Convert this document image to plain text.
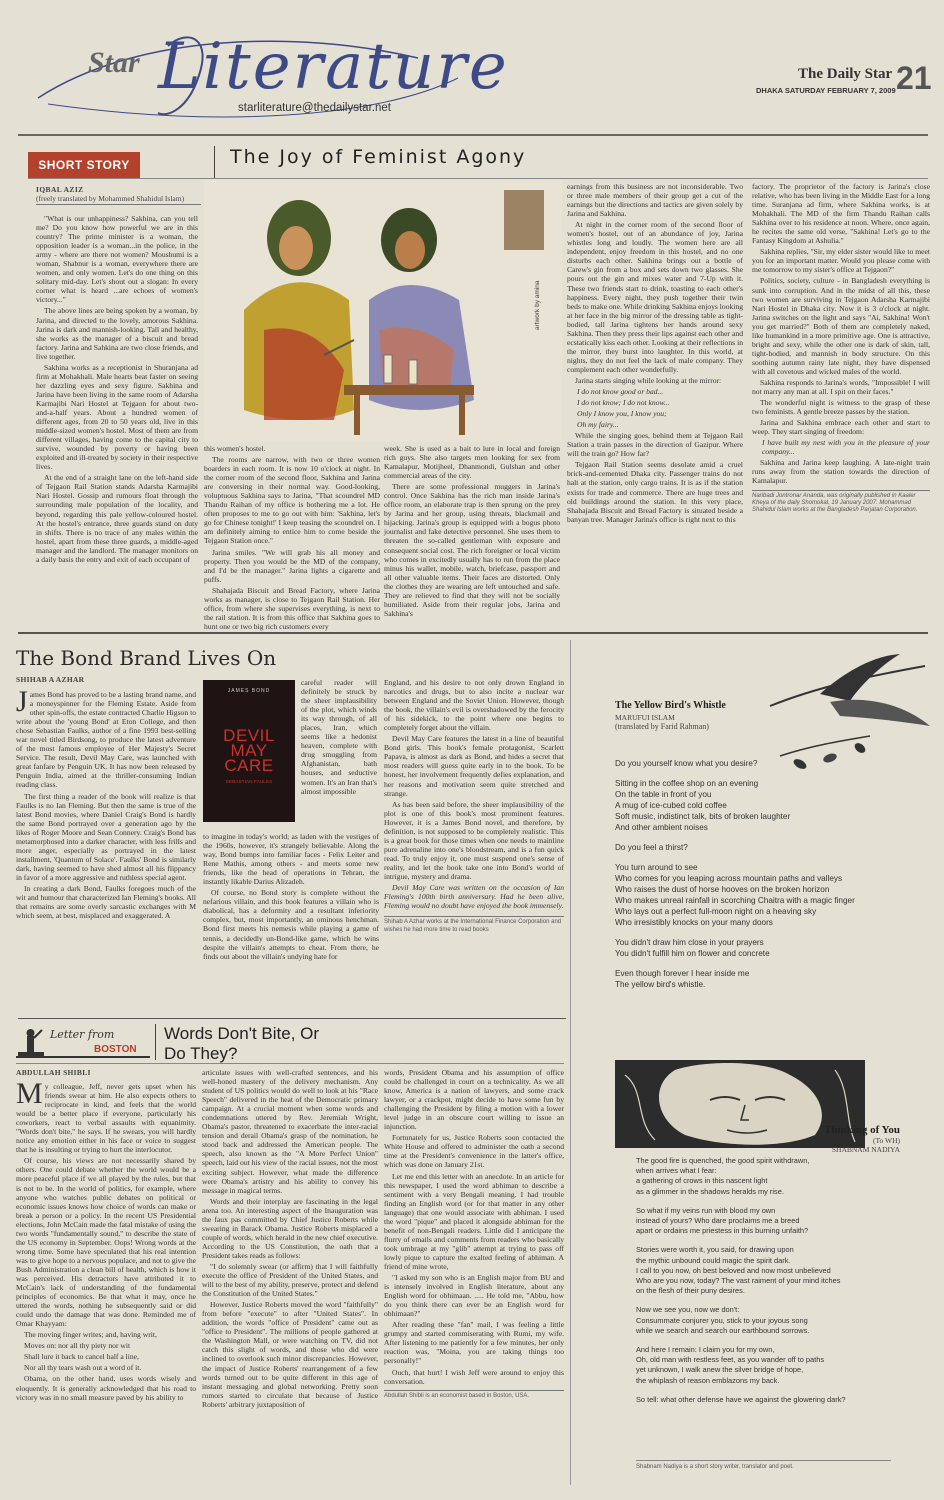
Star Literature
starliterature@thedailystar.net
The Daily Star
DHAKA SATURDAY FEBRUARY 7, 2009 21
SHORT STORY	The Joy of Feminist Agony
IQBAL AZIZ
(freely translated by Mohammed Shahidul Islam)
artwork by amina

"What is our unhappiness? Sakhina, can you tell me? Do you know how powerful we are in this country? The prime minister is a woman, the opposition leader is a woman...in the police, in the army - where are there not women? Moushumi is a woman, Shabnur is a woman, everywhere there are women, and only women. Let's do one thing on this solitary mid-day. Let's shout out a slogan: In every corner what is heard ...are echoes of women's victory..."

The above lines are being spoken by a woman, by Jarina, and directed to the lovely, amorous Sakhina. Jarina is dark and mannish-looking. Tall and healthy, she works as the manager of a biscuit and bread factory. Jarina and Sahkina are two close friends, and live together.

Sakhina works as a receptionist in Shuranjana ad firm at Mohakhali. Male hearts beat faster on seeing her dazzling eyes and sexy figure. Sakhina and Jarina have been living in the same room of Adarsha Karmajibi Nari Hostel at Tejgaon for about two- and-a-half years. About a hundred women of different ages, from 20 to 50 years old, live in this middle-sized women's hostel. Most of them are from different villages, having come to the capital city to survive, wounded by poverty or having been exploited and ill-treated by society in their respective lives.

At the end of a straight lane on the left-hand side of Tejgaon Rail Station stands Adarsha Karmajibi Nari Hostel. Gossip and rumours float through the surrounding male population of the locality, and beyond, regarding this pale yellow-coloured hostel. At the hostel's entrance, three guards stand on duty in shifts. There is no trace of any males within the hostel, apart from these three guards, a middle-aged manager and the landlord. The manager monitors on a daily basis the entry and exit of each occupant of

this women's hostel.

The rooms are narrow, with two or three women boarders in each room. It is now 10 o'clock at night. In the corner room of the second floor, Sakhina and Jarina are conversing in their normal way. Good-looking, voluptuous Sakhina says to Jarina, "That scoundrel MD Thandu Raihan of my office is bothering me a lot. He often proposes to me to go out with him: 'Sakhina, let's go for Chinese tonight!' I keep teasing the scoundrel on. I am definitely aiming to entice him to come beside the Tejgaon Station once."

Jarina smiles. "We will grab his all money and property. Then you would be the MD of the company, and I'd be the manager." Jarina lights a cigarette and puffs.

Shahajada Biscuit and Bread Factory, where Jarina works as manager, is close to Tejgaon Rail Station. Her office, from where she supervises everything, is next to the rail station. It is from this office that Sakhina goes to hunt one or two big rich customers every

week. She is used as a bait to lure in local and foreign rich guys. She also targets men looking for sex from Kamalapur, Motijheel, Dhanmondi, Gulshan and other commercial areas of the city.

There are some professional muggers in Jarina's control. Once Sakhina has the rich man inside Jarina's office room, an elaborate trap is then sprung on the prey by Jarina and her group, using threats, blackmail and hijacking. Jarina's group is equipped with a bogus photo journalist and fake detective personnel. She uses them to threaten the so-called gentleman with exposure and consequent social cost. The rich foreigner or local victim who comes in excitedly usually has to run from the place minus his wallet, mobile, watch, briefcase, passport and all other valuable items. Their faces are distorted. Only the clothes they are wearing are left untouched and safe. They are relieved to find that they will not be socially humiliated. Aside from their regular jobs, Jarina and Sakhina's

earnings from this business are not inconsiderable. Two or three male members of their group get a cut of the earnings but the directions and tactics are given solely by Jarina and Sakhina.

At night in the corner room of the second floor of women's hostel, out of an abundance of joy, Jarina whistles long and loudly. The women here are all independent, enjoy freedom in this hostel, and no one disturbs each other. Sakhina brings out a bottle of Carew's gin from a box and sets down two glasses. She pours out the gin and mixes water and 7-Up with it. These two friends start to drink, toasting to each other's happiness. Every night, they push together their twin beds to make one. While drinking Sakhina enjoys looking at her face in the big mirror of the dressing table as tight-bodied, tall Jarina tightens her hands around sexy Sakhina. Then they press their lips against each other and ecstatically kiss each other. Looking at their reflections in the mirror, they burst into laughter. In this world, at nights, they do not feel the lack of male company. They complement each other wonderfully.

Jarina starts singing while looking at the mirror:

I do not know good or bad...

I do not know; I do not know...

Only I know you, I know you;

Oh my fairy...

While the singing goes, behind them at Tejgaon Rail Station a train passes in the direction of Gazipur. Where will the train go? How far?

Tejgaon Rail Station seems desolate amid a cruel brick-and-cemented Dhaka city. Passenger trains do not halt at the station, only cargo trains. It is as if the station exists for trade and commerce. There are huge trees and old buildings around the station. In this very place, Shahajada Biscuit and Bread Factory is situated beside a banyan tree. Manager Jarina's office is right next to this

factory. The proprietor of the factory is Jarina's close relative, who has been living in the Middle East for a long time. Suranjana ad firm, where Sakhina works, is at Mohakhali. The MD of the firm Thandu Raihan calls Sakhina over to his residence at noon. Where, once again, he recites the same old verse, "Sakhina! Let's go to the Fantasy Kingdom at Ashulia."

Sakhina replies, "Sir, my elder sister would like to meet you for an important matter. Would you please come with me tomorrow to my sister's office at Tejgaon?"

Politics, society, culture - in Bangladesh everything is sunk into corruption. And in the midst of all this, these two women are surviving in Tejgaon Adarsha Karmajibi Nari Hostel in Dhaka city. Now it is 3 o'clock at night. Jarina switches on the light and says "Ai, Sakhina! Won't you get married?" Both of them are completely naked, like humankind in a more primitive age. One is attractive, bright and sexy, while the other one is dark of skin, tall, tight-bodied, and mannish in body structure. On this soothing autumn rainy late night, they have dispensed with all covetous and wicked males of the world.

Sakhina responds to Jarina's words, "Impossible! I will not marry any man at all. I spit on their faces."

The wonderful night is witness to the grasp of these two feminists. A gentle breeze passes by the station.

Jarina and Sakhina embrace each other and start to weep. They start singing of freedom:

I have built my nest with you in the pleasure of your company...

Sakhina and Jarina keep laughing. A late-night train runs away from the station towards the direction of Kamalapur.

Naribadi Jontronar Ananda, was originally published in Kaaler Kheya of the daily Shomokal, 19 January 2007. Mohammad Shahidul Islam works at the Bangladesh Parjatan Corporation.
The Bond Brand Lives On
SHIHAB A AZHAR

James Bond has proved to be a lasting brand name, and a moneyspinner for the Fleming Estate. Aside from other spin-offs, the estate contracted Charlie Higson to write about the 'young Bond' at Eton College, and then chose Sebastian Faulks, author of a fine 1993 best-selling war novel titled Birdsong, to produce the latest adventure of the most famous employee of Her Majesty's Secret Service. The result, Devil May Care, was launched with great fanfare by Penguin UK. It has now been released by Penguin India, aimed at the thriller-consuming Indian reading class.

The first thing a reader of the book will realize is that Faulks is no Ian Fleming. But then the same is true of the latest Bond movies, where Daniel Craig's Bond is hardly the same Bond portrayed over a generation ago by the likes of Roger Moore and Sean Connery. Craig's Bond has metamorphosed into a darker character, with less frills and more anger, especially as portrayed in the latest installment, 'Quantum of Solace'. Faulks' Bond is similarly dark, having seemed to have shed almost all his flippancy in favor of a more aggressive and ruthless special agent.

In creating a dark Bond, Faulks foregoes much of the wit and humour that characterized Ian Fleming's books. All that remains are some overly sarcastic exchanges with M which seem, at best, misplaced and exaggerated. A

JAMES BOND
DEVIL
MAY
CARE
SEBASTIAN FAULKS

careful reader will definitely be struck by the sheer implausibility of the plot, which winds its way through, of all places, Iran, which seems like a hedonist heaven, complete with drug smuggling from Afghanistan, bath houses, and seductive women. It's an Iran that's almost impossible

to imagine in today's world; as laden with the vestiges of the 1960s, however, it's strangely believable. Along the way, Bond bumps into familiar faces - Felix Leiter and Rene Mathis, among others - and meets some new friends, like the head of operations in Tehran, the instantly likable Darius Alizadeh.

Of course, no Bond story is complete without the nefarious villain, and this book features a villain who is diabolical, has a deformity and a resultant inferiority complex, but, most importantly, an ominous henchman. Bond first meets his nemesis while playing a game of tennis, a decidedly un-Bond-like game, which he wins despite the villain's attempts to cheat. From there, he finds out about the villain's undying hate for

England, and his desire to not only drown England in narcotics and drugs, but to also incite a nuclear war between England and the Soviet Union. However, though the book, the villain's evil is overshadowed by the ferocity of his sidekick, to the point where one begins to completely forget about the villain.

Devil May Care features the latest in a line of beautiful Bond girls. This book's female protagonist, Scarlett Papava, is almost as dark as Bond, and hides a secret that most readers will guess quite early in to the book. To be honest, her involvement frequently defies explanation, and her reasons and motivation seem quite stretched and strange.

As has been said before, the sheer implausibility of the plot is one of this book's most prominent features. However, it is a James Bond novel, and therefore, by definition, is not supposed to be completely realistic. This is a great book for those times when one needs to mainline pure adrenaline into one's bloodstream, and is a fun quick read. To truly enjoy it, one must suspend one's sense of reality, and let the book take one into Bond's world of intrigue, mystery and drama.

Devil May Care was written on the occasion of Ian Fleming's 100th birth anniversary. Had he been alive, Fleming would no doubt have enjoyed the book immensely.

Shihab A Azhar works at the International Finance Corporation and wishes he had more time to read books
Letter from
BOSTON
Words Don't Bite, Or
Do They?
ABDULLAH SHIBLI

My colleague, Jeff, never gets upset when his friends swear at him. He also expects others to reciprocate in kind, and feels that the world would be a better place if everyone, particularly his coworkers, react to verbal assaults with equanimity. "Words don't bite," he says. If he swears, you will hardly notice any emotion either in his face or voice to suggest that he is insulting or trying to hurt the interlocutor.

Of course, his views are not necessarily shared by others. One could debate whether the world would be a more peaceful place if we all played by the rules, but that is not to be. In the world of politics, for example, where anyone who watches public debates on political or economic issues knows how choice of words can make or break a person or a policy. In the recent US Presidential elections, John McCain made the fatal mistake of using the two words "fundamentally sound," to describe the state of the US economy in September. Oops! Wrong words at the wrong time. Some have speculated that his real intention was to give hope to a nervous populace, and not to give the Bush Administration a clean bill of health, which is how it was perceived. His detractors have attributed it to McCain's lack of understanding of the fundamental principles of economics. Be that what it may, once he uttered the words, nothing he subsequently said or did could undo the damage that was done. Reminded me of Omar Khayyam:

The moving finger writes; and, having writ,

Moves on: nor all thy piety nor wit

Shall lure it back to cancel half a line,

Nor all thy tears wash out a word of it.

Obama, on the other hand, uses words wisely and eloquently. It is generally acknowledged that his road to victory was in no small measure paved by his ability to

articulate issues with well-crafted sentences, and his well-honed mastery of the delivery mechanism. Any student of US politics would do well to look at his "Race Speech" delivered in the heat of the Democratic primary campaign. At a crucial moment when some words and condemnations uttered by Rev. Jeremiah Wright, Obama's pastor, threatened to exacerbate the inter-racial tension and derail Obama's grasp of the nomination, he stood back and addressed the American people. The speech, also known as the "A More Perfect Union" speech, laid out his view of the racial issues, not the most exciting subject. However, what made the difference were Obama's artistry and his ability to convey his message in magical terms.

Words and their interplay are fascinating in the legal arena too. An interesting aspect of the Inauguration was the faux pas committed by Chief Justice Roberts while swearing in Barack Obama. Justice Roberts misplaced a couple of words, which herald in the new chief executive. According to the US Constitution, the oath that a President takes reads as follows:

"I do solemnly swear (or affirm) that I will faithfully execute the office of President of the United States, and will to the best of my ability, preserve, protect and defend the Constitution of the United States."

However, Justice Roberts moved the word "faithfully" from before "execute" to after "United States". In addition, the words "office of President" came out as "office to President". The millions of people gathered at the Washington Mall, or were watching on TV, did not catch this slight of words, and those who did were inclined to overlook such minor discrepancies. However, the impact of Justice Roberts' rearrangement of a few words turned out to be quite different in this age of instant messaging and global networking. Pretty soon rumors started to circulate that because of Justice Roberts' arbitrary juxtaposition of

words, President Obama and his assumption of office could be challenged in court on a technicality. As we all know, America is a nation of lawyers, and some crack lawyer, or a crackpot, might decide to have some fun by challenging the President by filing a motion with a lower level judge in an obscure court willing to issue an injunction.

Fortunately for us, Justice Roberts soon contacted the White House and offered to administer the oath a second time at the President's convenience in the latter's office, which was done on January 21st.

Let me end this letter with an anecdote. In an article for this newspaper, I used the word abhiman to describe a sentiment with a very Bengali meaning. I had trouble finding an English word (or for that matter in any other language) that one would associate with abhiman. I used the word "pique" and placed it alongside abhiman for the benefit of non-Bengali readers. Little did I anticipate the flurry of emails and comments from readers who basically took umbrage at my "glib" attempt at trying to pass off lowly pique to capture the exalted feeling of abhiman. A friend of mine wrote,

"I asked my son who is an English major from BU and is intensely involved in English literature, about any English word for obhimaan. ..... He told me, "Abbu, how do you think there can ever be an English word for obhimaan?"

After reading these "fan" mail, I was feeling a little grumpy and started commiserating with Rumi, my wife. After listening to me patiently for a few minutes, her only reaction was, "Moina, you are taking things too personally!"

Ouch, that hurt! I wish Jeff were around to enjoy this conversation.

Abdullah Shibli is an economist based in Boston, USA.
The Yellow Bird's Whistle
MARUFUI ISLAM
(translated by Farid Rahman)
Do you yourself know what you desire?
Sitting in the coffee shop on an evening
On the table in front of you
A mug of ice-cubed cold coffee
Soft music, indistinct talk, bits of broken laughter
And other ambient noises
Do you feel a thirst?
You turn around to see
Who comes for you leaping across mountain paths and valleys
Who raises the dust of horse hooves on the broken horizon
Who makes unreal rainfall in scorching Chaitra with a magic finger
Who lays out a perfect full-moon night on a heaving sky
Who irresistibly knocks on your many doors
You didn't draw him close in your prayers
You didn't fulfill him on flower and concrete
Even though forever I hear inside me
The yellow bird's whistle.
Thinking of You
(To WH)
SHABNAM NADIYA
The good fire is quenched, the good spirit withdrawn,
when arrives what I fear:
a gathering of crows in this nascent light
as a glimmer in the shadows heralds my rise.
So what if my veins run with blood my own
instead of yours? Who dare proclaims me a breed
apart or ordains me priestess in this burning unfaith?
Stories were worth it, you said, for drawing upon
the mythic unbound could magic the spirit dark.
I call to you now, oh best beloved and now most unbelieved
Who are you now, today? The vast raiment of your mind itches
on the flesh of their puny desires.
Now we see you, now we don't:
Consummate conjurer you, stick to your joyous song
while we search and search our earthbound sorrows.
And here I remain: I claim you for my own,
Oh, old man with restless feet, as you wander off to paths
yet unknown, I walk anew the silver bridge of hope,
the whiplash of reason emblazons my back.
So tell: what other defense have we against the glowering dark?
Shabnam Nadiya is a short story writer, translator and poet.
